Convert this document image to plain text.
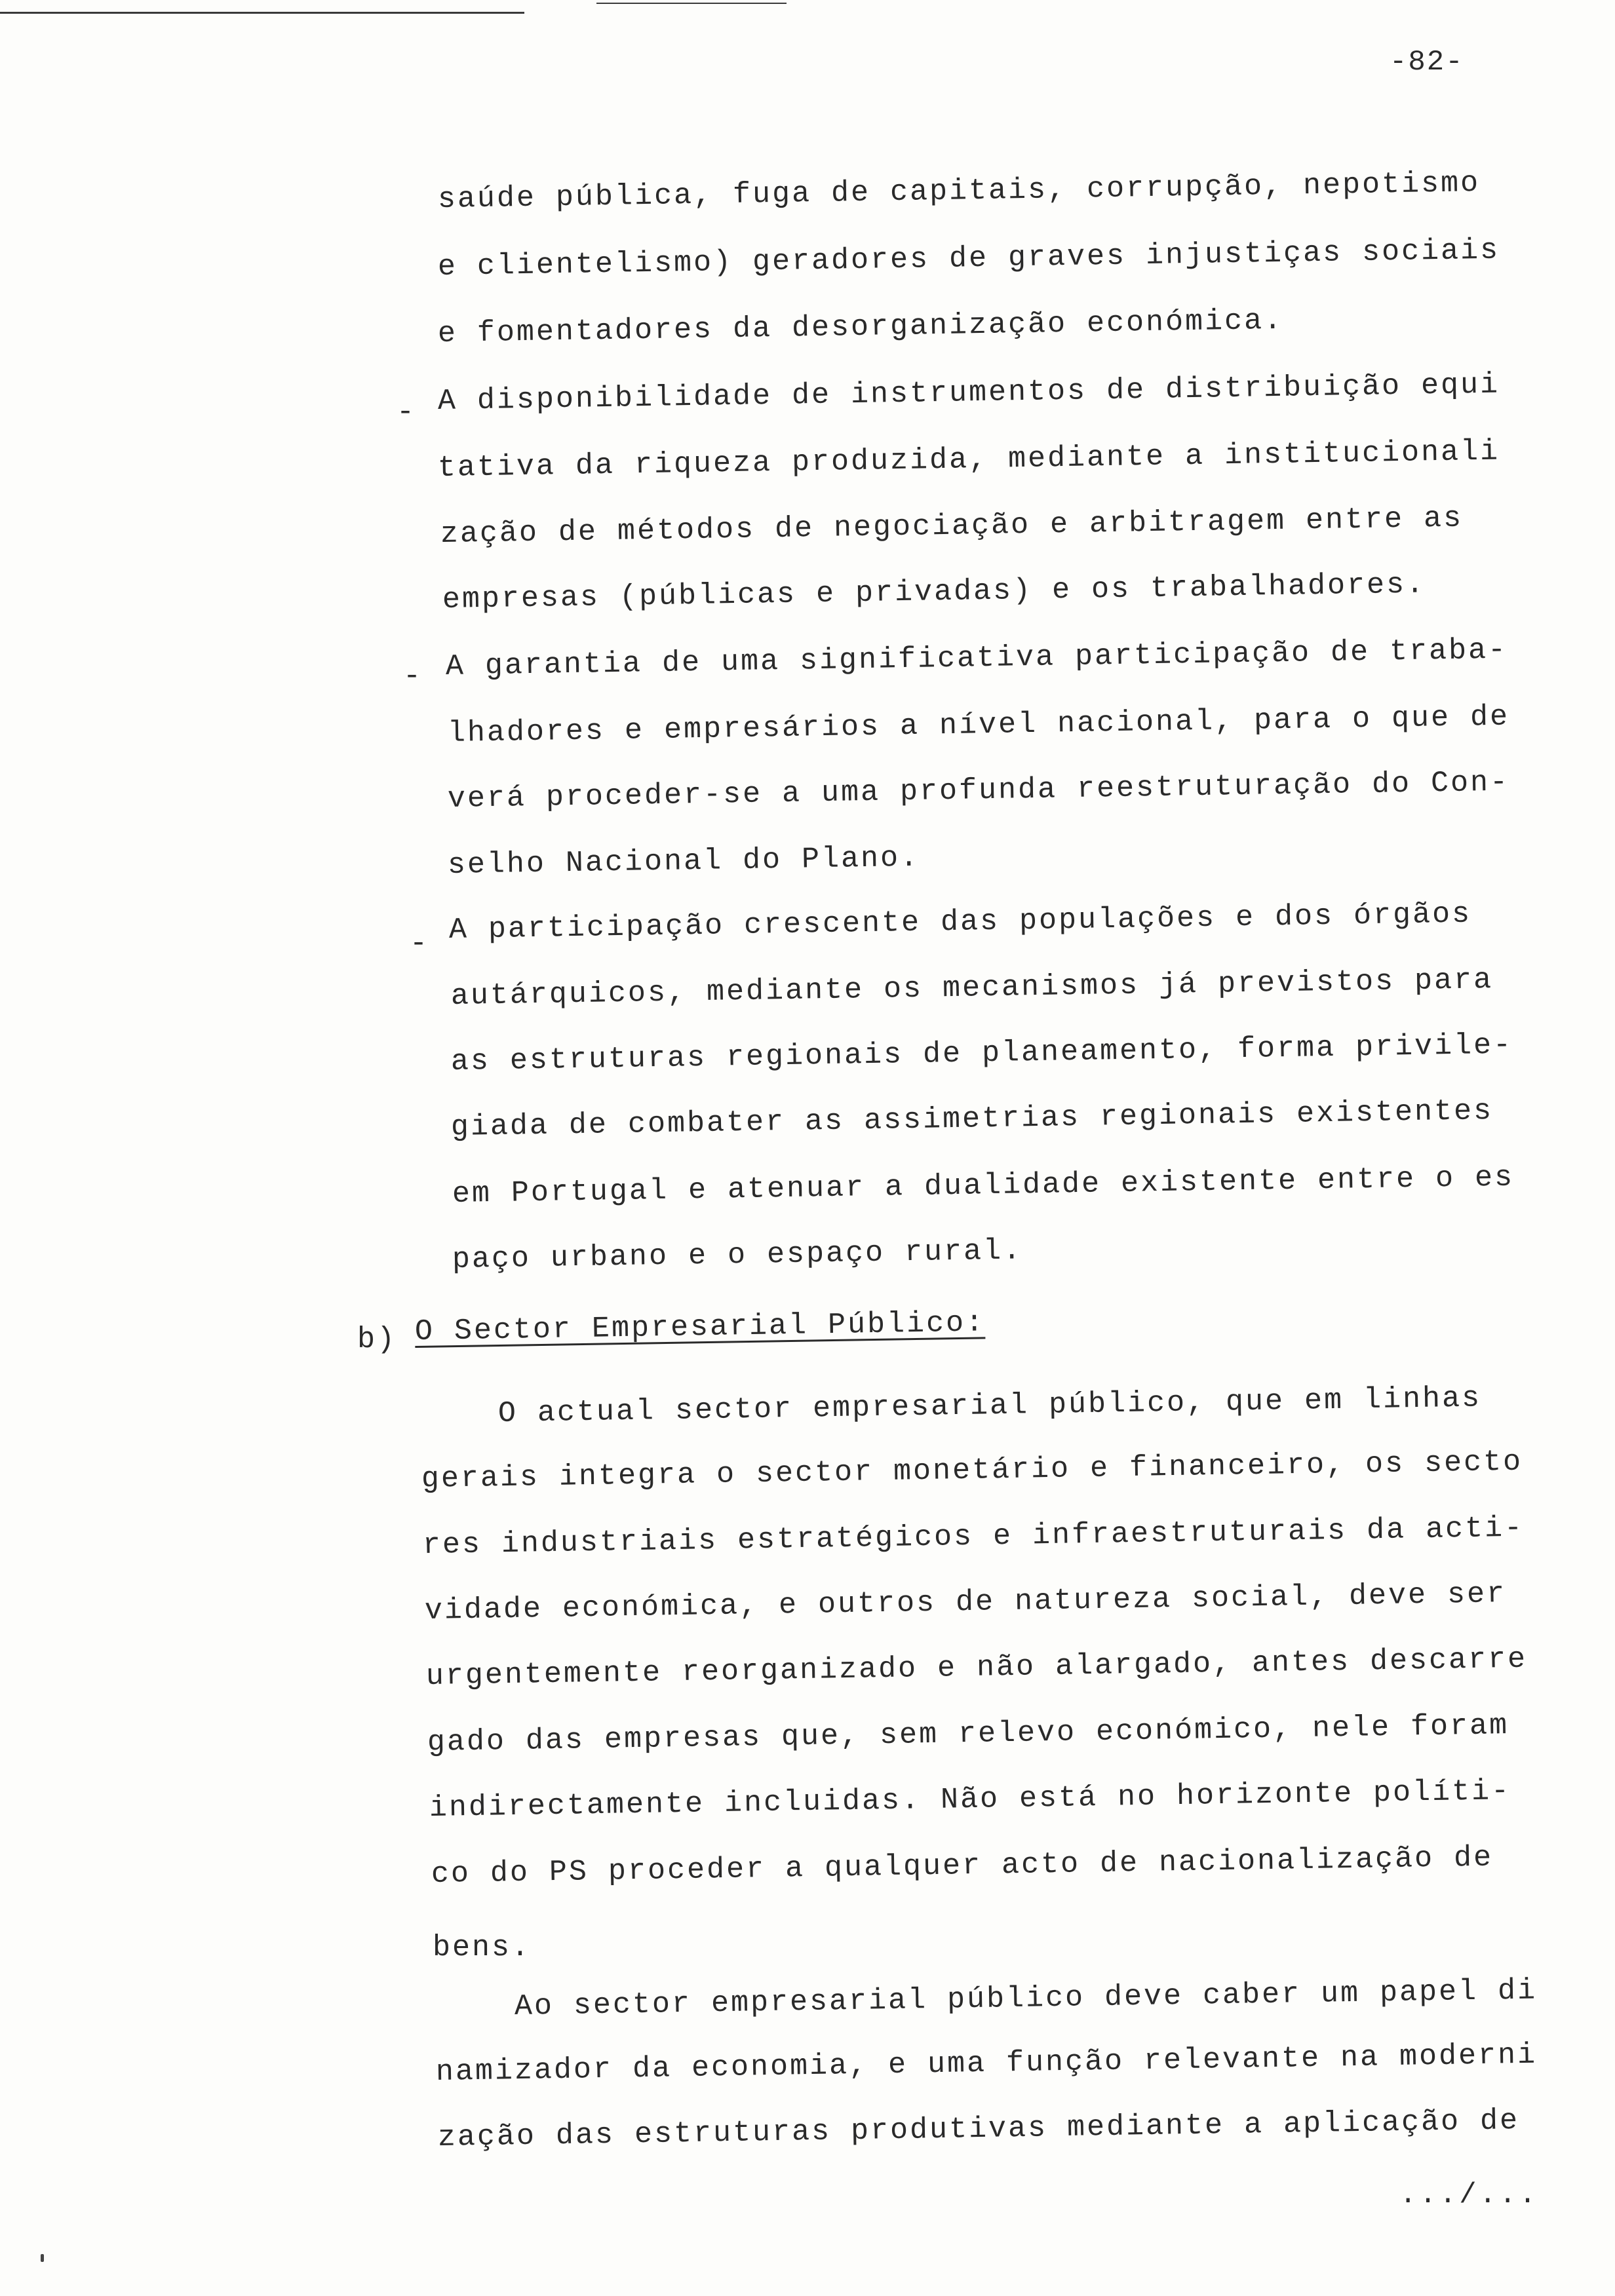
-82-
saúde pública, fuga de capitais, corrupção, nepotismo
e clientelismo) geradores de graves injustiças sociais
e fomentadores da desorganização económica.
- A disponibilidade de instrumentos de distribuição equi
tativa da riqueza produzida, mediante a institucionali
zação de métodos de negociação e arbitragem entre as
empresas (públicas e privadas) e os trabalhadores.
- A garantia de uma significativa participação de traba-
lhadores e empresários a nível nacional, para o que de
verá proceder-se a uma profunda reestruturação do Con-
selho Nacional do Plano.
- A participação crescente das populações e dos órgãos
autárquicos, mediante os mecanismos já previstos para
as estruturas regionais de planeamento, forma privile-
giada de combater as assimetrias regionais existentes
em Portugal e atenuar a dualidade existente entre o es
paço urbano e o espaço rural.
b) O Sector Empresarial Público:
O actual sector empresarial público, que em linhas
gerais integra o sector monetário e financeiro, os secto
res industriais estratégicos e infraestruturais da acti-
vidade económica, e outros de natureza social, deve ser
urgentemente reorganizado e não alargado, antes descarre
gado das empresas que, sem relevo económico, nele foram
indirectamente incluidas. Não está no horizonte políti-
co do PS proceder a qualquer acto de nacionalização de
bens.
Ao sector empresarial público deve caber um papel di
namizador da economia, e uma função relevante na moderni
zação das estruturas produtivas mediante a aplicação de
.../...
